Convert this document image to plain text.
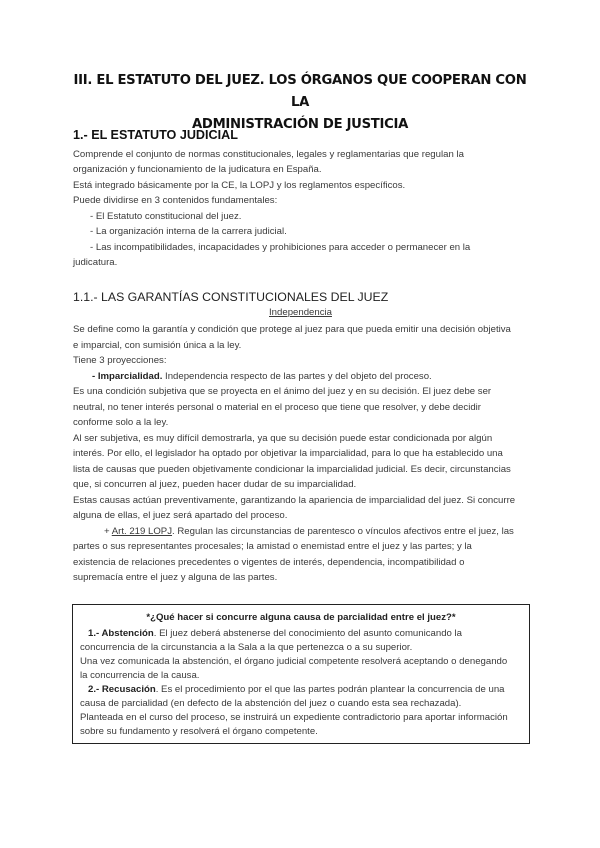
III. EL ESTATUTO DEL JUEZ. LOS ÓRGANOS QUE COOPERAN CON LA
ADMINISTRACIÓN DE JUSTICIA
1.- EL ESTATUTO JUDICIAL
Comprende el conjunto de normas constitucionales, legales y reglamentarias que regulan la
organización y funcionamiento de la judicatura en España.
Está integrado básicamente por la CE, la LOPJ y los reglamentos específicos.
Puede dividirse en 3 contenidos fundamentales:
- El Estatuto constitucional del juez.
- La organización interna de la carrera judicial.
- Las incompatibilidades, incapacidades y prohibiciones para acceder o permanecer en la
judicatura.
1.1.- LAS GARANTÍAS CONSTITUCIONALES DEL JUEZ
Independencia
Se define como la garantía y condición que protege al juez para que pueda emitir una decisión objetiva
e imparcial, con sumisión única a la ley.
Tiene 3 proyecciones:
- Imparcialidad. Independencia respecto de las partes y del objeto del proceso.
Es una condición subjetiva que se proyecta en el ánimo del juez y en su decisión. El juez debe ser
neutral, no tener interés personal o material en el proceso que tiene que resolver, y debe decidir
conforme solo a la ley.
Al ser subjetiva, es muy difícil demostrarla, ya que su decisión puede estar condicionada por algún
interés. Por ello, el legislador ha optado por objetivar la imparcialidad, para lo que ha establecido una
lista de causas que pueden objetivamente condicionar la imparcialidad judicial. Es decir, circunstancias
que, si concurren al juez, pueden hacer dudar de su imparcialidad.
Estas causas actúan preventivamente, garantizando la apariencia de imparcialidad del juez. Si concurre
alguna de ellas, el juez será apartado del proceso.
+ Art. 219 LOPJ. Regulan las circunstancias de parentesco o vínculos afectivos entre el juez, las
partes o sus representantes procesales; la amistad o enemistad entre el juez y las partes; y la
existencia de relaciones precedentes o vigentes de interés, dependencia, incompatibilidad o
supremacía entre el juez y alguna de las partes.
*¿Qué hacer si concurre alguna causa de parcialidad entre el juez?*
1.- Abstención. El juez deberá abstenerse del conocimiento del asunto comunicando la
concurrencia de la circunstancia a la Sala a la que pertenezca o a su superior.
Una vez comunicada la abstención, el órgano judicial competente resolverá aceptando o denegando
la concurrencia de la causa.
2.- Recusación. Es el procedimiento por el que las partes podrán plantear la concurrencia de una
causa de parcialidad (en defecto de la abstención del juez o cuando esta sea rechazada).
Planteada en el curso del proceso, se instruirá un expediente contradictorio para aportar información
sobre su fundamento y resolverá el órgano competente.
